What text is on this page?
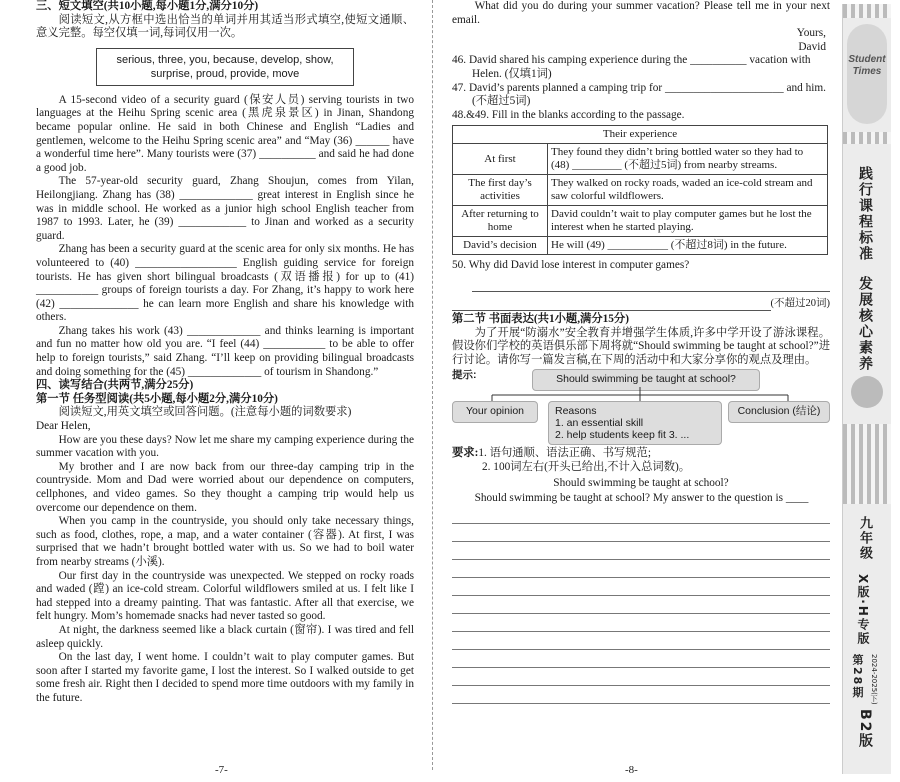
三、短文填空(共10小题,每小题1分,满分10分)

阅读短文,从方框中选出恰当的单词并用其适当形式填空,使短文通顺、意义完整。每空仅填一词,每词仅用一次。

serious, three, you, because, develop, show,
surprise, proud, provide, move

A 15-second video of a security guard (保安人员) serving tourists in two languages at the Heihu Spring scenic area (黑虎泉景区) in Jinan, Shandong became popular online. He said in both Chinese and English “Ladies and gentlemen, welcome to the Heihu Spring scenic area” and “May (36) ______ have a wonderful time here”. Many tourists were (37) __________ and said he had done a good job.

The 57-year-old security guard, Zhang Shoujun, comes from Yilan, Heilongjiang. Zhang has (38) _____________ great interest in English since he was in middle school. He worked as a junior high school English teacher from 1987 to 1993. Later, he (39) ____________ to Jinan and worked as a security guard.

Zhang has been a security guard at the scenic area for only six months. He has volunteered to (40) __________________ English guiding service for foreign tourists. He has given short bilingual broadcasts (双语播报) for up to (41) ___________ groups of foreign tourists a day. For Zhang, it’s happy to work here (42) ______________ he can learn more English and share his knowledge with others.

Zhang takes his work (43) _____________ and thinks learning is important and fun no matter how old you are. “I feel (44) ___________ to be able to offer help to foreign tourists,” said Zhang. “I’ll keep on providing bilingual broadcasts and doing something for the (45) _____________ of tourism in Shandong.”

四、读写结合(共两节,满分25分)

第一节 任务型阅读(共5小题,每小题2分,满分10分)

阅读短文,用英文填空或回答问题。(注意每小题的词数要求)

Dear Helen,

How are you these days? Now let me share my camping experience during the summer vacation with you.

My brother and I are now back from our three-day camping trip in the countryside. Mom and Dad were worried about our dependence on computers, cellphones, and video games. So they thought a camping trip would help us overcome our dependence on them.

When you camp in the countryside, you should only take necessary things, such as food, clothes, rope, a map, and a water container (容器). At first, I was surprised that we hadn’t brought bottled water with us. So we had to boil water from nearby streams (小溪).

Our first day in the countryside was unexpected. We stepped on rocky roads and waded (蹚) an ice-cold stream. Colorful wildflowers smiled at us. I felt like I had stepped into a dreamy painting. That was fantastic. After all that exercise, we felt hungry. Mom’s homemade snacks had never tasted so good.

At night, the darkness seemed like a black curtain (窗帘). I was tired and fell asleep quickly.

On the last day, I went home. I couldn’t wait to play computer games. But soon after I started my favorite game, I lost the interest. So I walked outside to get some fresh air. Right then I decided to spend more time outdoors with my family in the future.

What did you do during your summer vacation? Please tell me in your next email.

Yours,

David

46. David shared his camping experience during the __________ vacation with Helen. (仅填1词)

47. David’s parents planned a camping trip for _____________________ and him. (不超过5词)

48.&49. Fill in the blanks according to the passage.

Their experience	
At first	They found they didn’t bring bottled water so they had to (48) _________ (不超过5词) from nearby streams.
The first day’s activities	They walked on rocky roads, waded an ice-cold stream and saw colorful wildflowers.
After returning to home	David couldn’t wait to play computer games but he lost the interest when he started playing.
David’s decision	He will (49) ___________ (不超过8词) in the future.

50. Why did David lose interest in computer games?

(不超过20词)

第二节 书面表达(共1小题,满分15分)

为了开展“防溺水”安全教育并增强学生体质,许多中学开设了游泳课程。假设你们学校的英语俱乐部下周将就“Should swimming be taught at school?”进行讨论。请你写一篇发言稿,在下周的活动中和大家分享你的观点及理由。

提示:	Should swimming be taught at school?
Your opinion	Reasons
1. an essential skill
2. help students keep fit 3. ...
Conclusion (结论)

要求:1. 语句通顺、语法正确、书写规范;

2. 100词左右(开头已给出,不计入总词数)。

Should swimming be taught at school?

Should swimming be taught at school? My answer to the question is ____

-7-	-8-
Student Times
践行课程标准
发展核心素养
九年级
X版·H专版
第28期 2024-2025(下)
B2版
